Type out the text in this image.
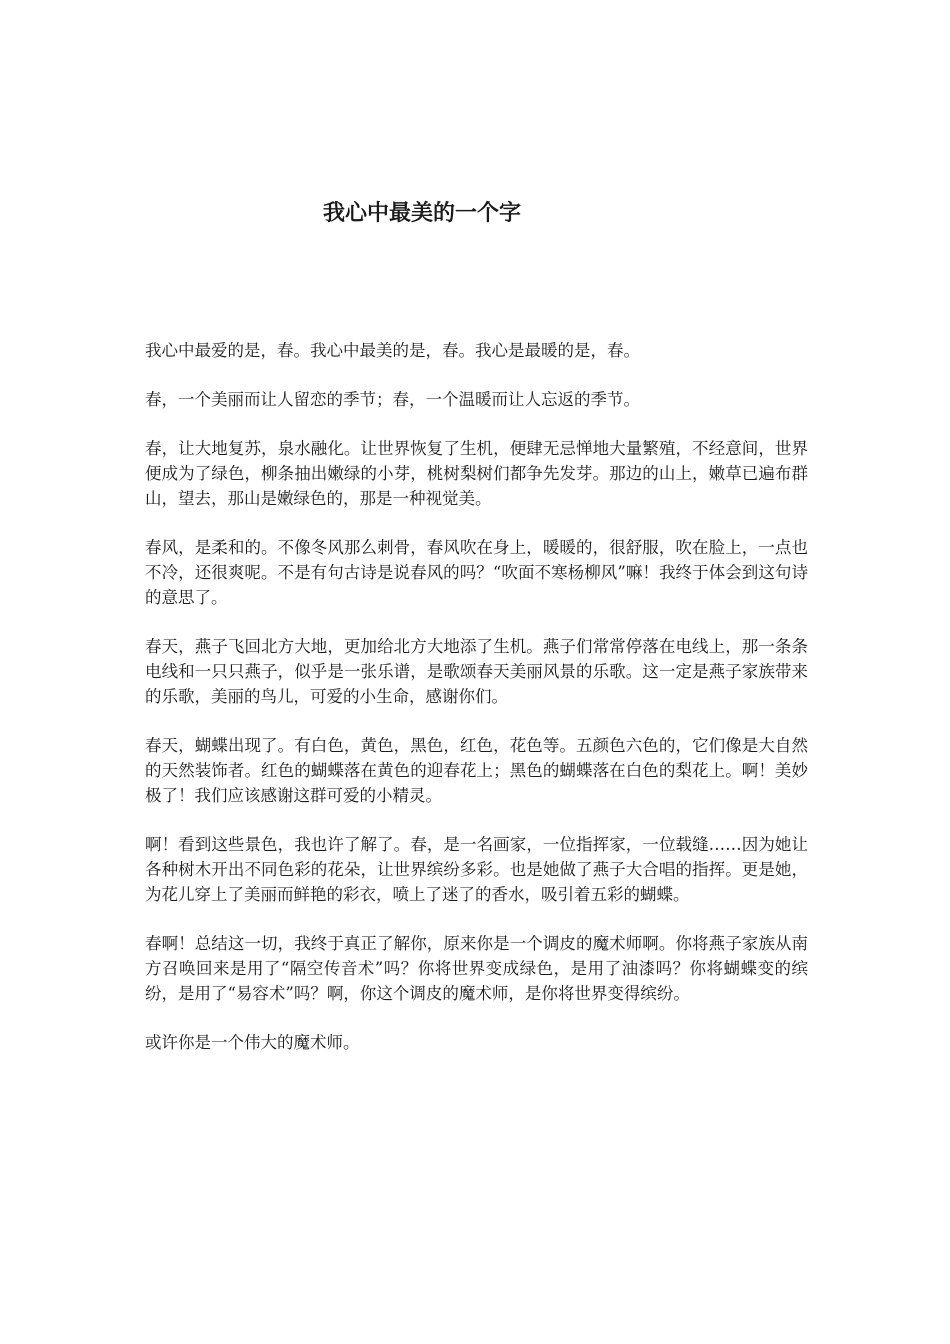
我心中最美的一个字

我心中最爱的是，春。我心中最美的是，春。我心是最暖的是，春。

春，一个美丽而让人留恋的季节；春，一个温暖而让人忘返的季节。

春，让大地复苏，泉水融化。让世界恢复了生机，便肆无忌惮地大量繁殖，不经意间，世界便成为了绿色，柳条抽出嫩绿的小芽，桃树梨树们都争先发芽。那边的山上，嫩草已遍布群山，望去，那山是嫩绿色的，那是一种视觉美。

春风，是柔和的。不像冬风那么刺骨，春风吹在身上，暖暖的，很舒服，吹在脸上，一点也不冷，还很爽呢。不是有句古诗是说春风的吗？“吹面不寒杨柳风”嘛！我终于体会到这句诗的意思了。

春天，燕子飞回北方大地，更加给北方大地添了生机。燕子们常常停落在电线上，那一条条电线和一只只燕子，似乎是一张乐谱，是歌颂春天美丽风景的乐歌。这一定是燕子家族带来的乐歌，美丽的鸟儿，可爱的小生命，感谢你们。

春天，蝴蝶出现了。有白色，黄色，黑色，红色，花色等。五颜色六色的，它们像是大自然的天然装饰者。红色的蝴蝶落在黄色的迎春花上；黑色的蝴蝶落在白色的梨花上。啊！美妙极了！我们应该感谢这群可爱的小精灵。

啊！看到这些景色，我也许了解了。春，是一名画家，一位指挥家，一位载缝……因为她让各种树木开出不同色彩的花朵，让世界缤纷多彩。也是她做了燕子大合唱的指挥。更是她，为花儿穿上了美丽而鲜艳的彩衣，喷上了迷了的香水，吸引着五彩的蝴蝶。

春啊！总结这一切，我终于真正了解你，原来你是一个调皮的魔术师啊。你将燕子家族从南方召唤回来是用了“隔空传音术”吗？你将世界变成绿色，是用了油漆吗？你将蝴蝶变的缤纷，是用了“易容术”吗？啊，你这个调皮的魔术师，是你将世界变得缤纷。

或许你是一个伟大的魔术师。
